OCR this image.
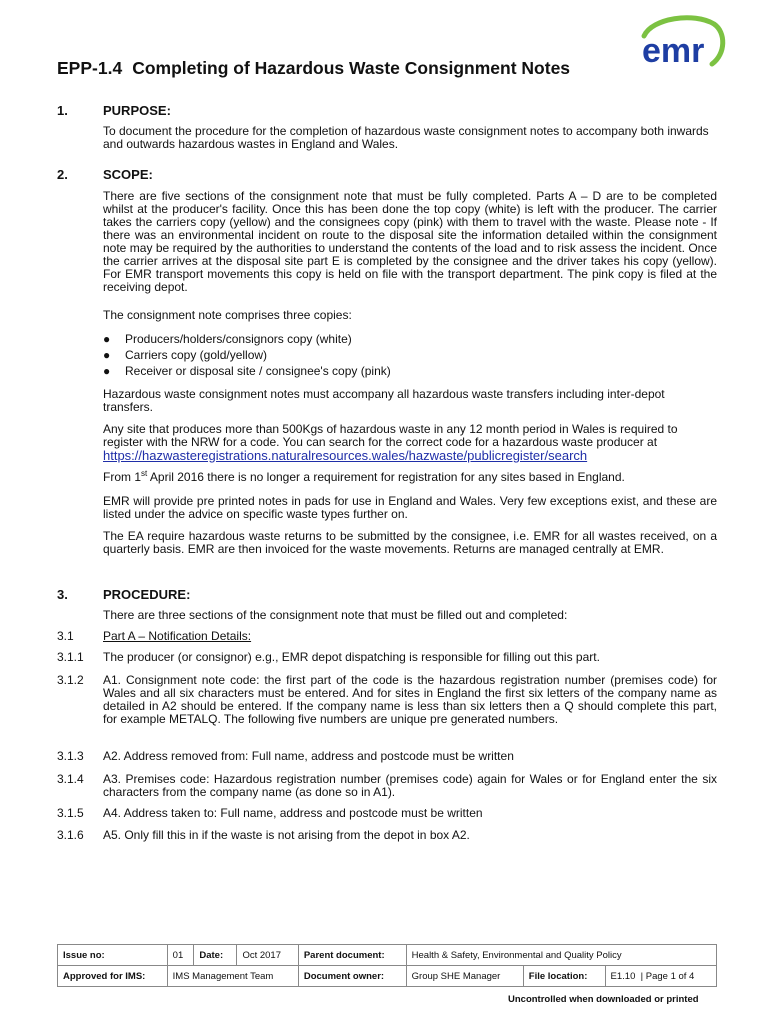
emr
EPP-1.4 Completing of Hazardous Waste Consignment Notes
1.	PURPOSE:

To document the procedure for the completion of hazardous waste consignment notes to accompany both inwards and outwards hazardous wastes in England and Wales.

2.	SCOPE:

There are five sections of the consignment note that must be fully completed. Parts A – D are to be completed whilst at the producer's facility. Once this has been done the top copy (white) is left with the producer. The carrier takes the carriers copy (yellow) and the consignees copy (pink) with them to travel with the waste. Please note - If there was an environmental incident on route to the disposal site the information detailed within the consignment note may be required by the authorities to understand the contents of the load and to risk assess the incident. Once the carrier arrives at the disposal site part E is completed by the consignee and the driver takes his copy (yellow). For EMR transport movements this copy is held on file with the transport department. The pink copy is filed at the receiving depot.

The consignment note comprises three copies:

● Producers/holders/consignors copy (white)
● Carriers copy (gold/yellow)
● Receiver or disposal site / consignee's copy (pink)

Hazardous waste consignment notes must accompany all hazardous waste transfers including inter-depot transfers.

Any site that produces more than 500Kgs of hazardous waste in any 12 month period in Wales is required to register with the NRW for a code. You can search for the correct code for a hazardous waste producer at
https://hazwasteregistrations.naturalresources.wales/hazwaste/publicregister/search

From 1st April 2016 there is no longer a requirement for registration for any sites based in England.

EMR will provide pre printed notes in pads for use in England and Wales. Very few exceptions exist, and these are listed under the advice on specific waste types further on.

The EA require hazardous waste returns to be submitted by the consignee, i.e. EMR for all wastes received, on a quarterly basis. EMR are then invoiced for the waste movements. Returns are managed centrally at EMR.

3.	PROCEDURE:

There are three sections of the consignment note that must be filled out and completed:

3.1 Part A – Notification Details:
3.1.1 The producer (or consignor) e.g., EMR depot dispatching is responsible for filling out this part.
3.1.2 A1. Consignment note code: the first part of the code is the hazardous registration number (premises code) for Wales and all six characters must be entered. And for sites in England the first six letters of the company name as detailed in A2 should be entered. If the company name is less than six letters then a Q should complete this part, for example METALQ. The following five numbers are unique pre generated numbers.
3.1.3 A2. Address removed from: Full name, address and postcode must be written
3.1.4 A3. Premises code: Hazardous registration number (premises code) again for Wales or for England enter the six characters from the company name (as done so in A1).
3.1.5 A4. Address taken to: Full name, address and postcode must be written
3.1.6 A5. Only fill this in if the waste is not arising from the depot in box A2.
Issue no:	01	Date:	Oct 2017	Parent document:	Health & Safety, Environmental and Quality Policy		
Approved for IMS:	IMS Management Team			Document owner:	Group SHE Manager	File location:	E1.10  | Page 1 of 4
Uncontrolled when downloaded or printed
